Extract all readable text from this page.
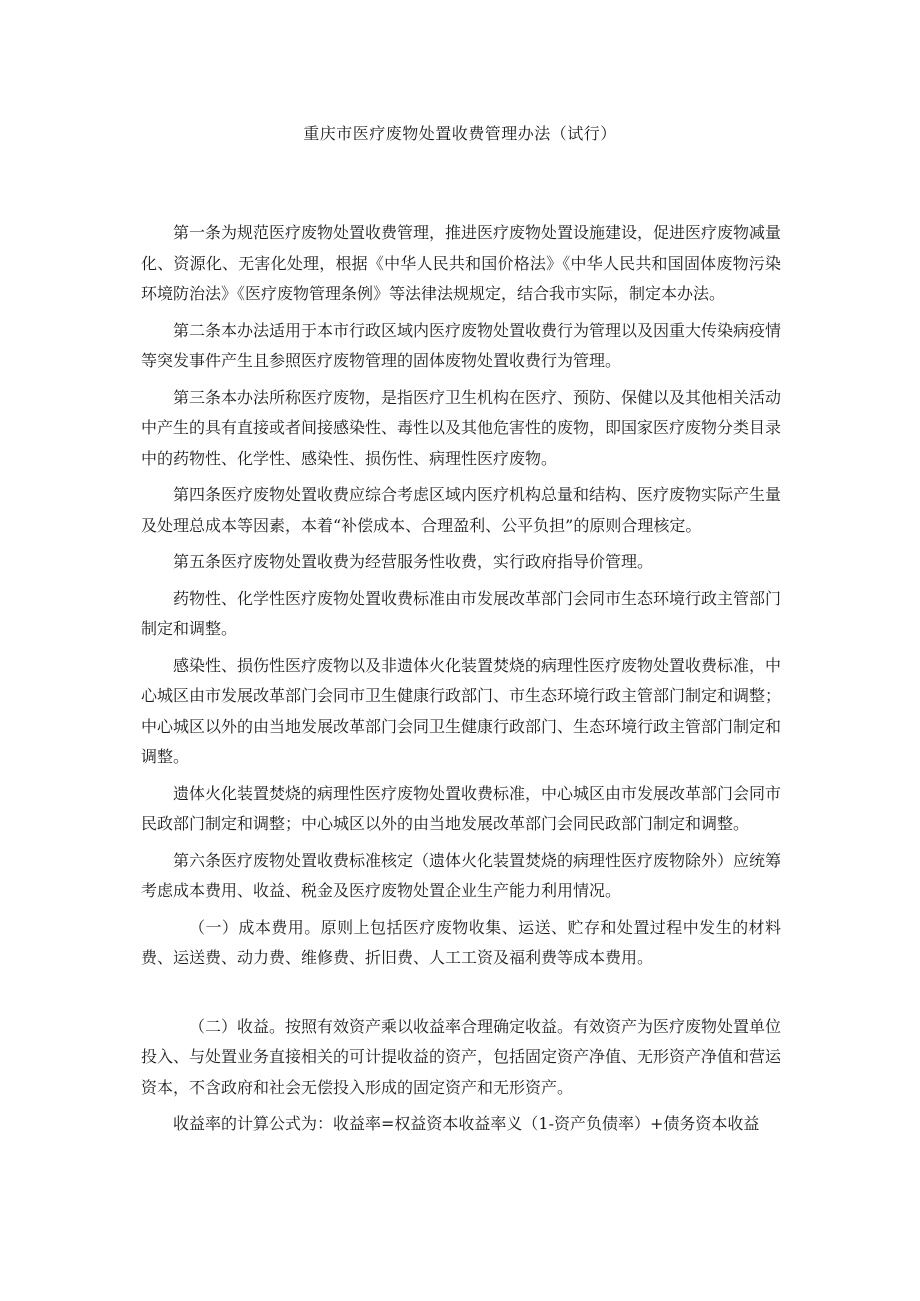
重庆市医疗废物处置收费管理办法（试行）

第一条为规范医疗废物处置收费管理，推进医疗废物处置设施建设，促进医疗废物减量化、资源化、无害化处理，根据《中华人民共和国价格法》《中华人民共和国固体废物污染环境防治法》《医疗废物管理条例》等法律法规规定，结合我市实际，制定本办法。

第二条本办法适用于本市行政区域内医疗废物处置收费行为管理以及因重大传染病疫情等突发事件产生且参照医疗废物管理的固体废物处置收费行为管理。

第三条本办法所称医疗废物，是指医疗卫生机构在医疗、预防、保健以及其他相关活动中产生的具有直接或者间接感染性、毒性以及其他危害性的废物，即国家医疗废物分类目录中的药物性、化学性、感染性、损伤性、病理性医疗废物。

第四条医疗废物处置收费应综合考虑区域内医疗机构总量和结构、医疗废物实际产生量及处理总成本等因素，本着“补偿成本、合理盈利、公平负担”的原则合理核定。

第五条医疗废物处置收费为经营服务性收费，实行政府指导价管理。

药物性、化学性医疗废物处置收费标准由市发展改革部门会同市生态环境行政主管部门制定和调整。

感染性、损伤性医疗废物以及非遗体火化装置焚烧的病理性医疗废物处置收费标准，中心城区由市发展改革部门会同市卫生健康行政部门、市生态环境行政主管部门制定和调整；中心城区以外的由当地发展改革部门会同卫生健康行政部门、生态环境行政主管部门制定和调整。

遗体火化装置焚烧的病理性医疗废物处置收费标准，中心城区由市发展改革部门会同市民政部门制定和调整；中心城区以外的由当地发展改革部门会同民政部门制定和调整。

第六条医疗废物处置收费标准核定（遗体火化装置焚烧的病理性医疗废物除外）应统筹考虑成本费用、收益、税金及医疗废物处置企业生产能力利用情况。

（一）成本费用。原则上包括医疗废物收集、运送、贮存和处置过程中发生的材料费、运送费、动力费、维修费、折旧费、人工工资及福利费等成本费用。

（二）收益。按照有效资产乘以收益率合理确定收益。有效资产为医疗废物处置单位投入、与处置业务直接相关的可计提收益的资产，包括固定资产净值、无形资产净值和营运资本，不含政府和社会无偿投入形成的固定资产和无形资产。

收益率的计算公式为：收益率=权益资本收益率义（1-资产负债率）+债务资本收益
